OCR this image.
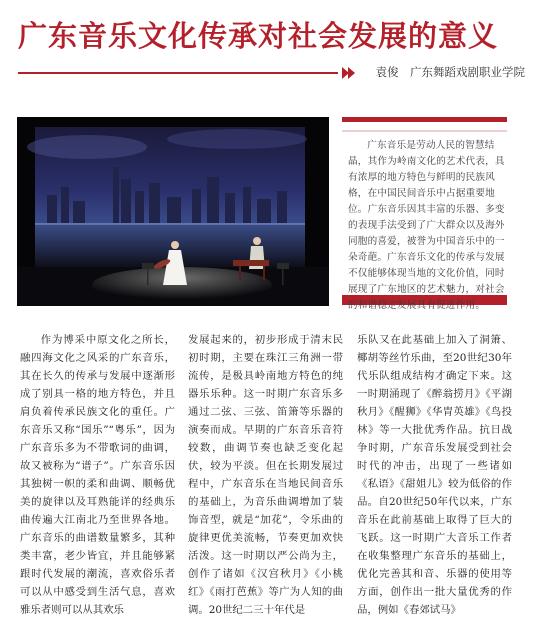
广东音乐文化传承对社会发展的意义
袁俊　广东舞蹈戏剧职业学院
广东音乐是劳动人民的智慧结晶，其作为岭南文化的艺术代表，具有浓厚的地方特色与鲜明的民族风格，在中国民间音乐中占据重要地位。广东音乐因其丰富的乐器、多变的表现手法受到了广大群众以及海外同胞的喜爱，被誉为中国音乐中的一朵奇葩。广东音乐文化的传承与发展不仅能够体现当地的文化价值，同时展现了广东地区的艺术魅力，对社会的和谐稳定发展具有促进作用。

作为博采中原文化之所长，融四海文化之风采的广东音乐，其在长久的传承与发展中逐渐形成了别具一格的地方特色，并且肩负着传承民族文化的重任。广东音乐又称“国乐”“粤乐”，因为广东音乐多为不带歌词的曲调，故又被称为“谱子”。广东音乐因其独树一帜的柔和曲调、顺畅优美的旋律以及耳熟能详的经典乐曲传遍大江南北乃至世界各地。广东音乐的曲谱数量繁多，其种类丰富，老少皆宜，并且能够紧跟时代发展的潮流，喜欢俗乐者可以从中感受到生活气息，喜欢雅乐者则可以从其欢乐

发展起来的，初步形成于清末民初时期，主要在珠江三角洲一带流传，是极具岭南地方特色的纯器乐乐种。这一时期广东音乐多通过二弦、三弦、笛箫等乐器的演奏而成。早期的广东音乐音符较数，曲调节奏也缺乏变化起伏，较为平淡。但在长期发展过程中，广东音乐在当地民间音乐的基础上，为音乐曲调增加了装饰音型，就是“加花”，令乐曲的旋律更优美流畅，节奏更加欢快活泼。这一时期以严公尚为主，创作了诸如《汉宫秋月》《小桃红》《雨打芭蕉》等广为人知的曲调。20世纪二三十年代是

乐队又在此基础上加入了洞箫、椰胡等丝竹乐曲，至20世纪30年代乐队组成结构才确定下来。这一时期涌现了《醉翁捞月》《平湖秋月》《醒狮》《华胄英雄》《鸟投林》等一大批优秀作品。抗日战争时期，广东音乐发展受到社会时代的冲击，出现了一些诸如《私语》《甜姐儿》较为低俗的作品。自20世纪50年代以来，广东音乐在此前基础上取得了巨大的飞跃。这一时期广大音乐工作者在收集整理广东音乐的基础上，优化完善其和音、乐器的使用等方面，创作出一批大量优秀的作品，例如《春郊试马》
